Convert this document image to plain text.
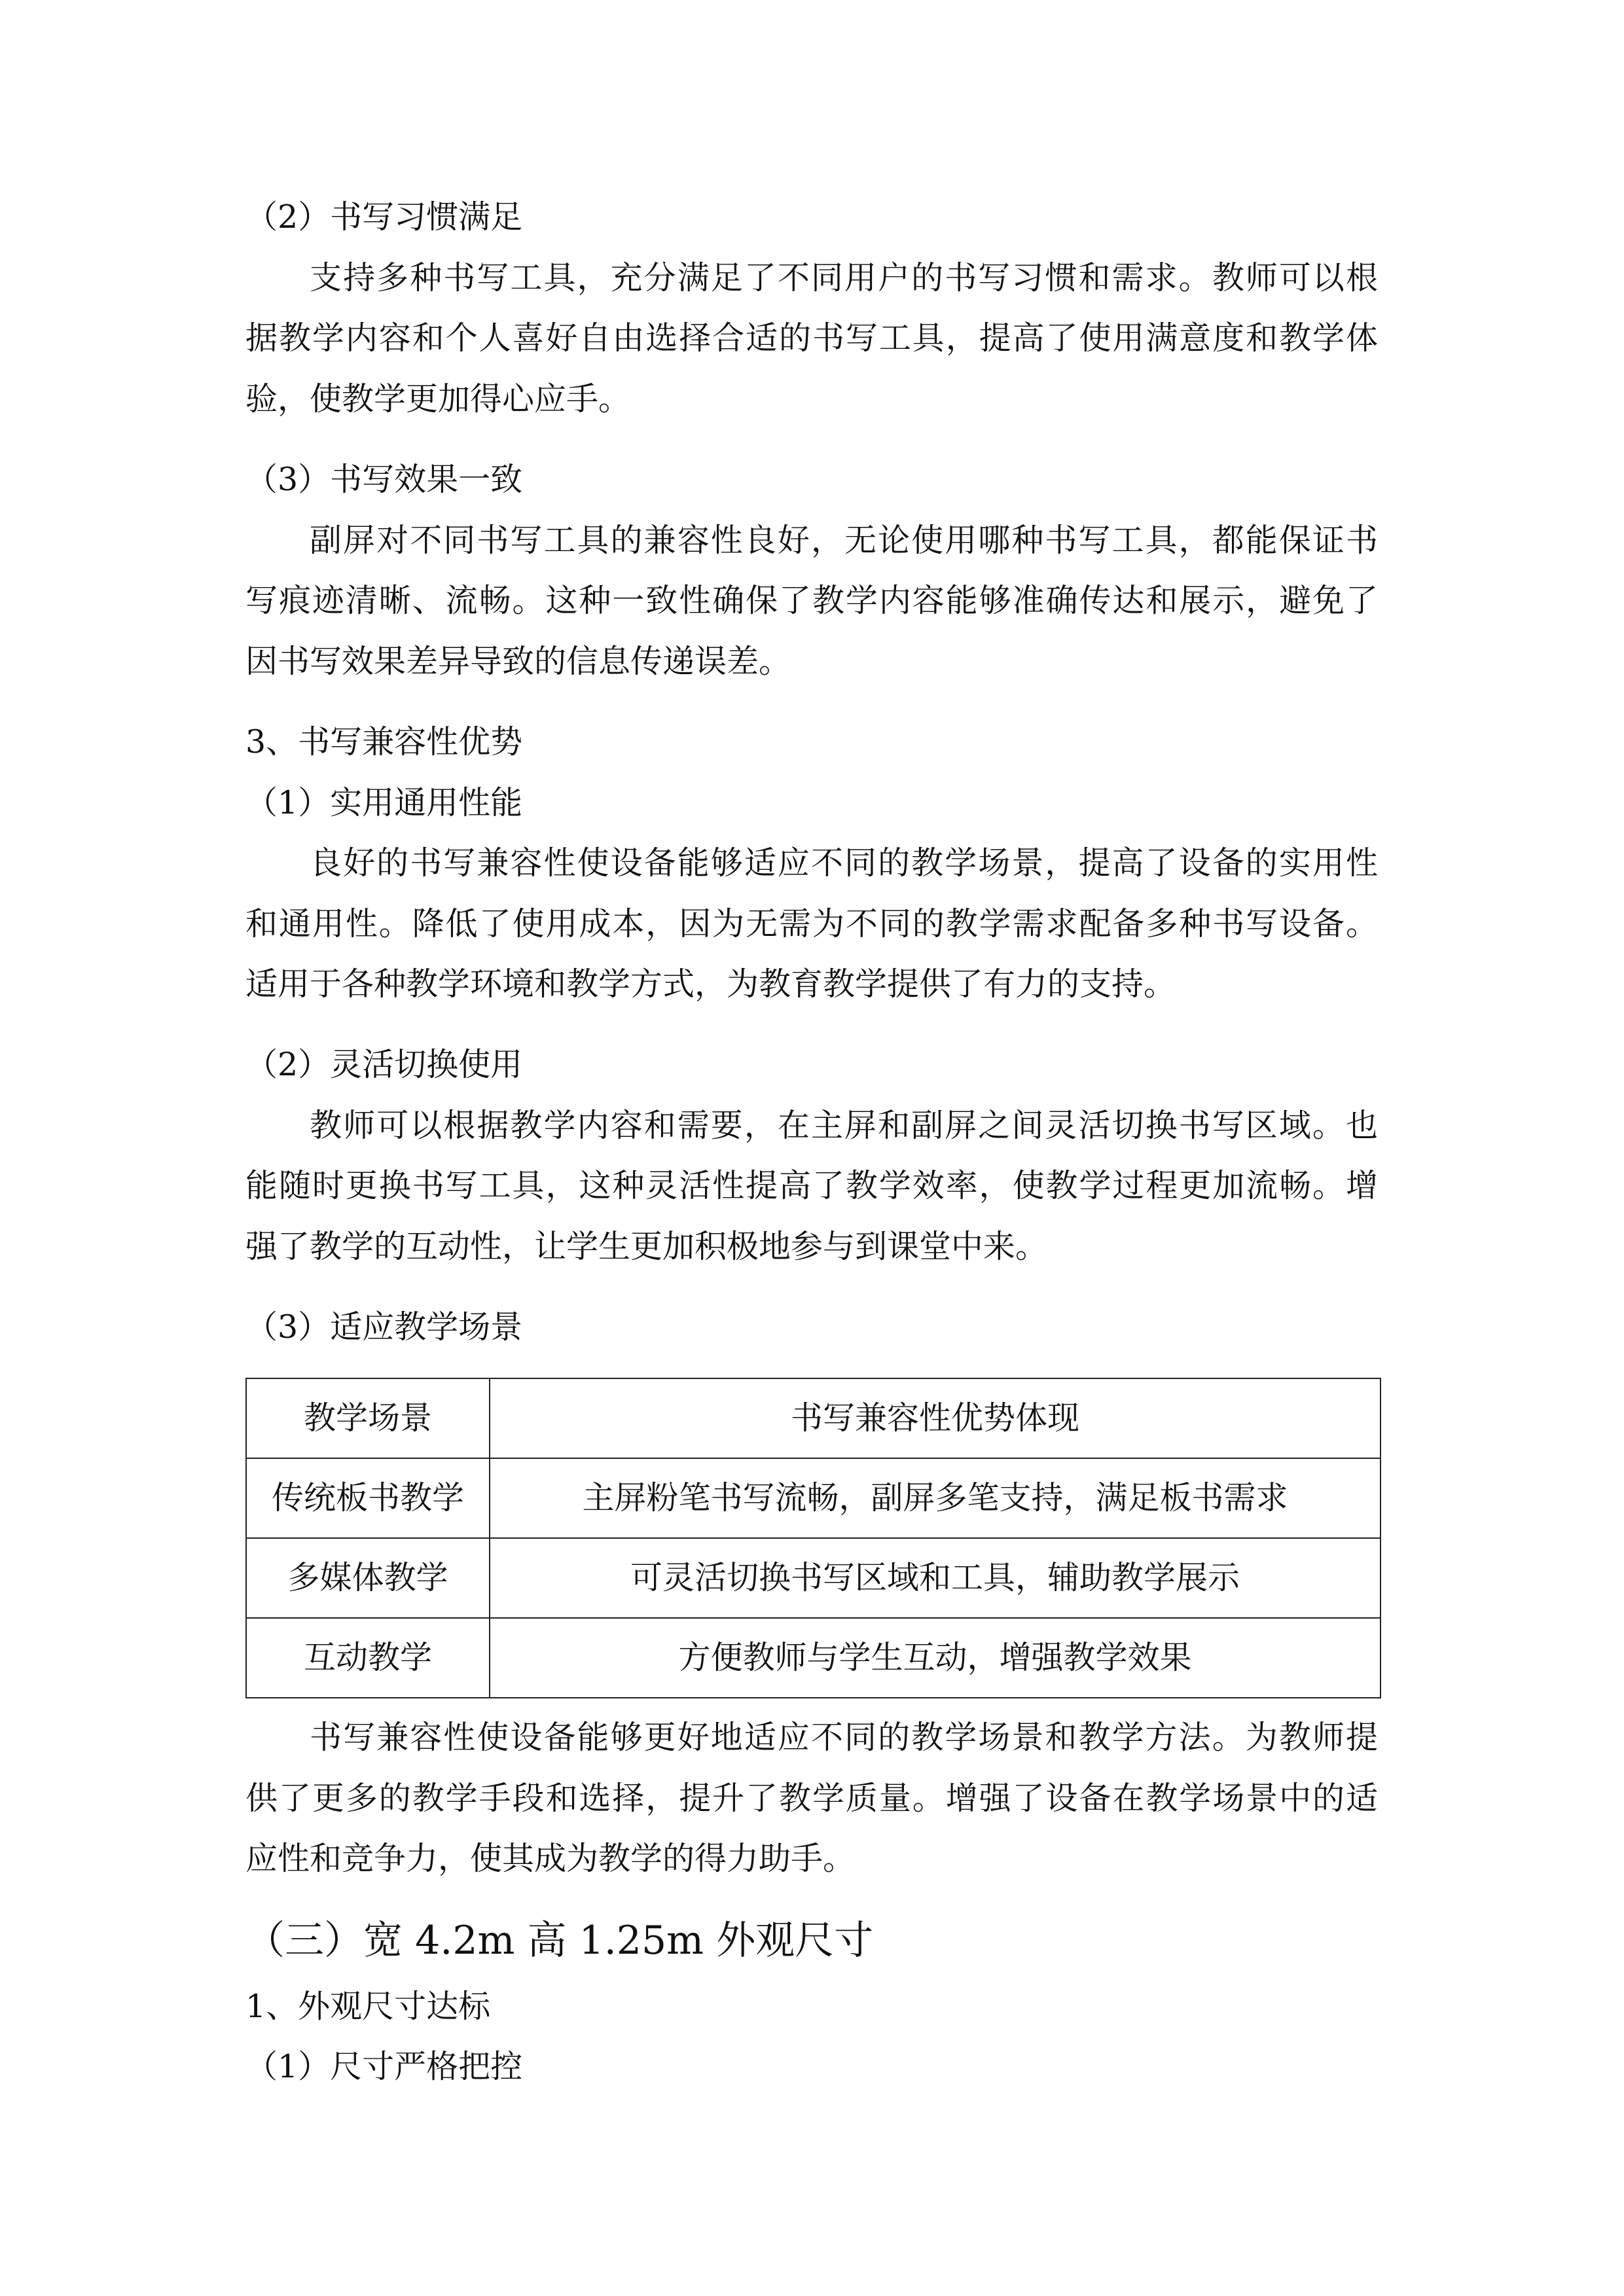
（2）书写习惯满足

支持多种书写工具，充分满足了不同用户的书写习惯和需求。教师可以根

据教学内容和个人喜好自由选择合适的书写工具，提高了使用满意度和教学体

验，使教学更加得心应手。

（3）书写效果一致

副屏对不同书写工具的兼容性良好，无论使用哪种书写工具，都能保证书

写痕迹清晰、流畅。这种一致性确保了教学内容能够准确传达和展示，避免了

因书写效果差异导致的信息传递误差。

3、书写兼容性优势

（1）实用通用性能

良好的书写兼容性使设备能够适应不同的教学场景，提高了设备的实用性

和通用性。降低了使用成本，因为无需为不同的教学需求配备多种书写设备。

适用于各种教学环境和教学方式，为教育教学提供了有力的支持。

（2）灵活切换使用

教师可以根据教学内容和需要，在主屏和副屏之间灵活切换书写区域。也

能随时更换书写工具，这种灵活性提高了教学效率，使教学过程更加流畅。增

强了教学的互动性，让学生更加积极地参与到课堂中来。

（3）适应教学场景

教学场景	书写兼容性优势体现
传统板书教学	主屏粉笔书写流畅，副屏多笔支持，满足板书需求
多媒体教学	可灵活切换书写区域和工具，辅助教学展示
互动教学	方便教师与学生互动，增强教学效果

书写兼容性使设备能够更好地适应不同的教学场景和教学方法。为教师提

供了更多的教学手段和选择，提升了教学质量。增强了设备在教学场景中的适

应性和竞争力，使其成为教学的得力助手。

（三）宽 4.2m 高 1.25m 外观尺寸

1、外观尺寸达标

（1）尺寸严格把控
